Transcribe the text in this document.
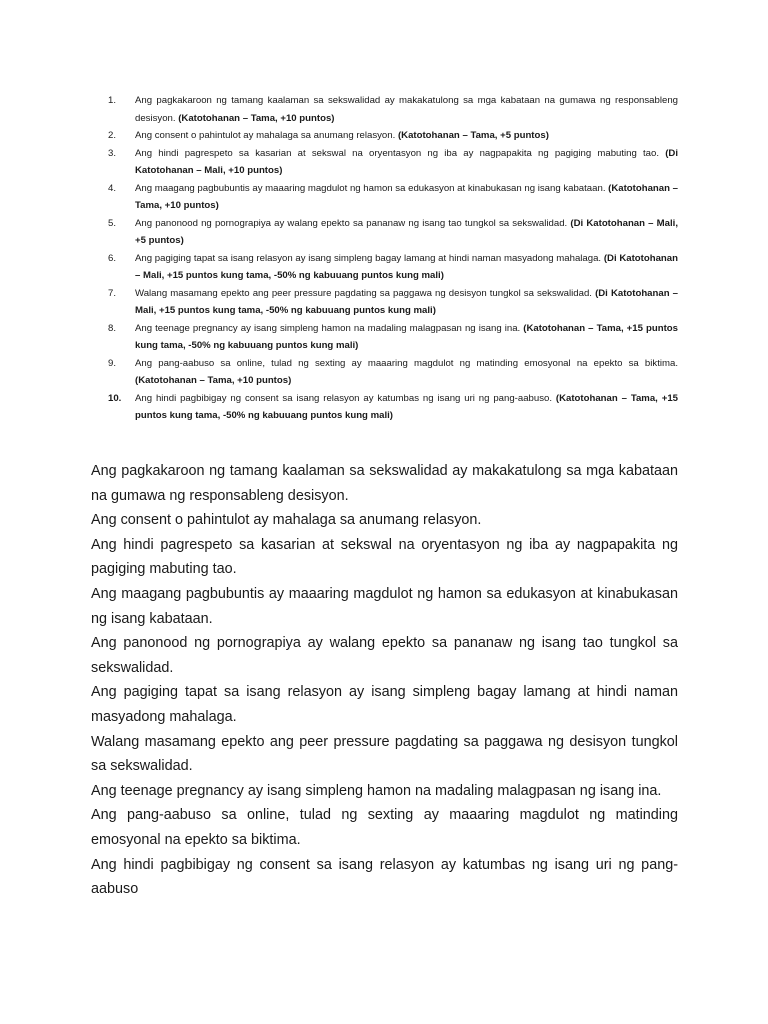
1.	Ang pagkakaroon ng tamang kaalaman sa sekswalidad ay makakatulong sa mga kabataan na gumawa ng responsableng desisyon. (Katotohanan – Tama, +10 puntos)
2.	Ang consent o pahintulot ay mahalaga sa anumang relasyon. (Katotohanan – Tama, +5 puntos)
3.	Ang hindi pagrespeto sa kasarian at sekswal na oryentasyon ng iba ay nagpapakita ng pagiging mabuting tao. (Di Katotohanan – Mali, +10 puntos)
4.	Ang maagang pagbubuntis ay maaaring magdulot ng hamon sa edukasyon at kinabukasan ng isang kabataan. (Katotohanan – Tama, +10 puntos)
5.	Ang panonood ng pornograpiya ay walang epekto sa pananaw ng isang tao tungkol sa sekswalidad. (Di Katotohanan – Mali, +5 puntos)
6.	Ang pagiging tapat sa isang relasyon ay isang simpleng bagay lamang at hindi naman masyadong mahalaga. (Di Katotohanan – Mali, +15 puntos kung tama, -50% ng kabuuang puntos kung mali)
7.	Walang masamang epekto ang peer pressure pagdating sa paggawa ng desisyon tungkol sa sekswalidad. (Di Katotohanan – Mali, +15 puntos kung tama, -50% ng kabuuang puntos kung mali)
8.	Ang teenage pregnancy ay isang simpleng hamon na madaling malagpasan ng isang ina. (Katotohanan – Tama, +15 puntos kung tama, -50% ng kabuuang puntos kung mali)
9.	Ang pang-aabuso sa online, tulad ng sexting ay maaaring magdulot ng matinding emosyonal na epekto sa biktima. (Katotohanan – Tama, +10 puntos)
10.	Ang hindi pagbibigay ng consent sa isang relasyon ay katumbas ng isang uri ng pang-aabuso. (Katotohanan – Tama, +15 puntos kung tama, -50% ng kabuuang puntos kung mali)

Ang pagkakaroon ng tamang kaalaman sa sekswalidad ay makakatulong sa mga kabataan na gumawa ng responsableng desisyon.

Ang consent o pahintulot ay mahalaga sa anumang relasyon.

Ang hindi pagrespeto sa kasarian at sekswal na oryentasyon ng iba ay nagpapakita ng pagiging mabuting tao.

Ang maagang pagbubuntis ay maaaring magdulot ng hamon sa edukasyon at kinabukasan ng isang kabataan.

Ang panonood ng pornograpiya ay walang epekto sa pananaw ng isang tao tungkol sa sekswalidad.

Ang pagiging tapat sa isang relasyon ay isang simpleng bagay lamang at hindi naman masyadong mahalaga.

Walang masamang epekto ang peer pressure pagdating sa paggawa ng desisyon tungkol sa sekswalidad.

Ang teenage pregnancy ay isang simpleng hamon na madaling malagpasan ng isang ina.

Ang pang-aabuso sa online, tulad ng sexting ay maaaring magdulot ng matinding emosyonal na epekto sa biktima.

Ang hindi pagbibigay ng consent sa isang relasyon ay katumbas ng isang uri ng pang-aabuso
